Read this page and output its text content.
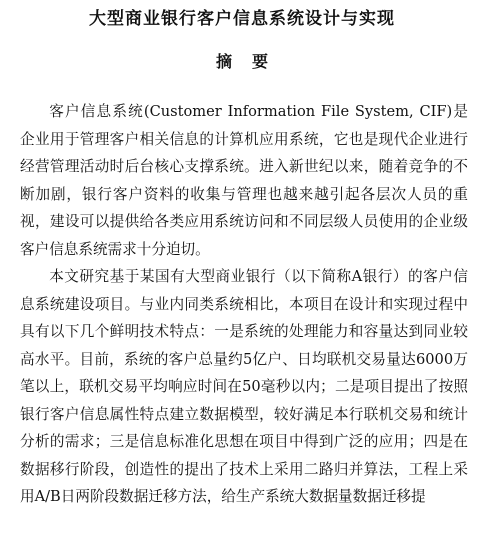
大型商业银行客户信息系统设计与实现
摘要

客户信息系统(Customer Information File System, CIF)是企业用于管理客户相关信息的计算机应用系统，它也是现代企业进行经营管理活动时后台核心支撑系统。进入新世纪以来，随着竞争的不断加剧，银行客户资料的收集与管理也越来越引起各层次人员的重视，建设可以提供给各类应用系统访问和不同层级人员使用的企业级客户信息系统需求十分迫切。

本文研究基于某国有大型商业银行（以下简称A银行）的客户信息系统建设项目。与业内同类系统相比，本项目在设计和实现过程中具有以下几个鲜明技术特点：一是系统的处理能力和容量达到同业较高水平。目前，系统的客户总量约5亿户、日均联机交易量达6000万笔以上，联机交易平均响应时间在50毫秒以内；二是项目提出了按照银行客户信息属性特点建立数据模型，较好满足本行联机交易和统计分析的需求；三是信息标准化思想在项目中得到广泛的应用；四是在数据移行阶段，创造性的提出了技术上采用二路归并算法，工程上采用A/B日两阶段数据迁移方法，给生产系统大数据量数据迁移提
